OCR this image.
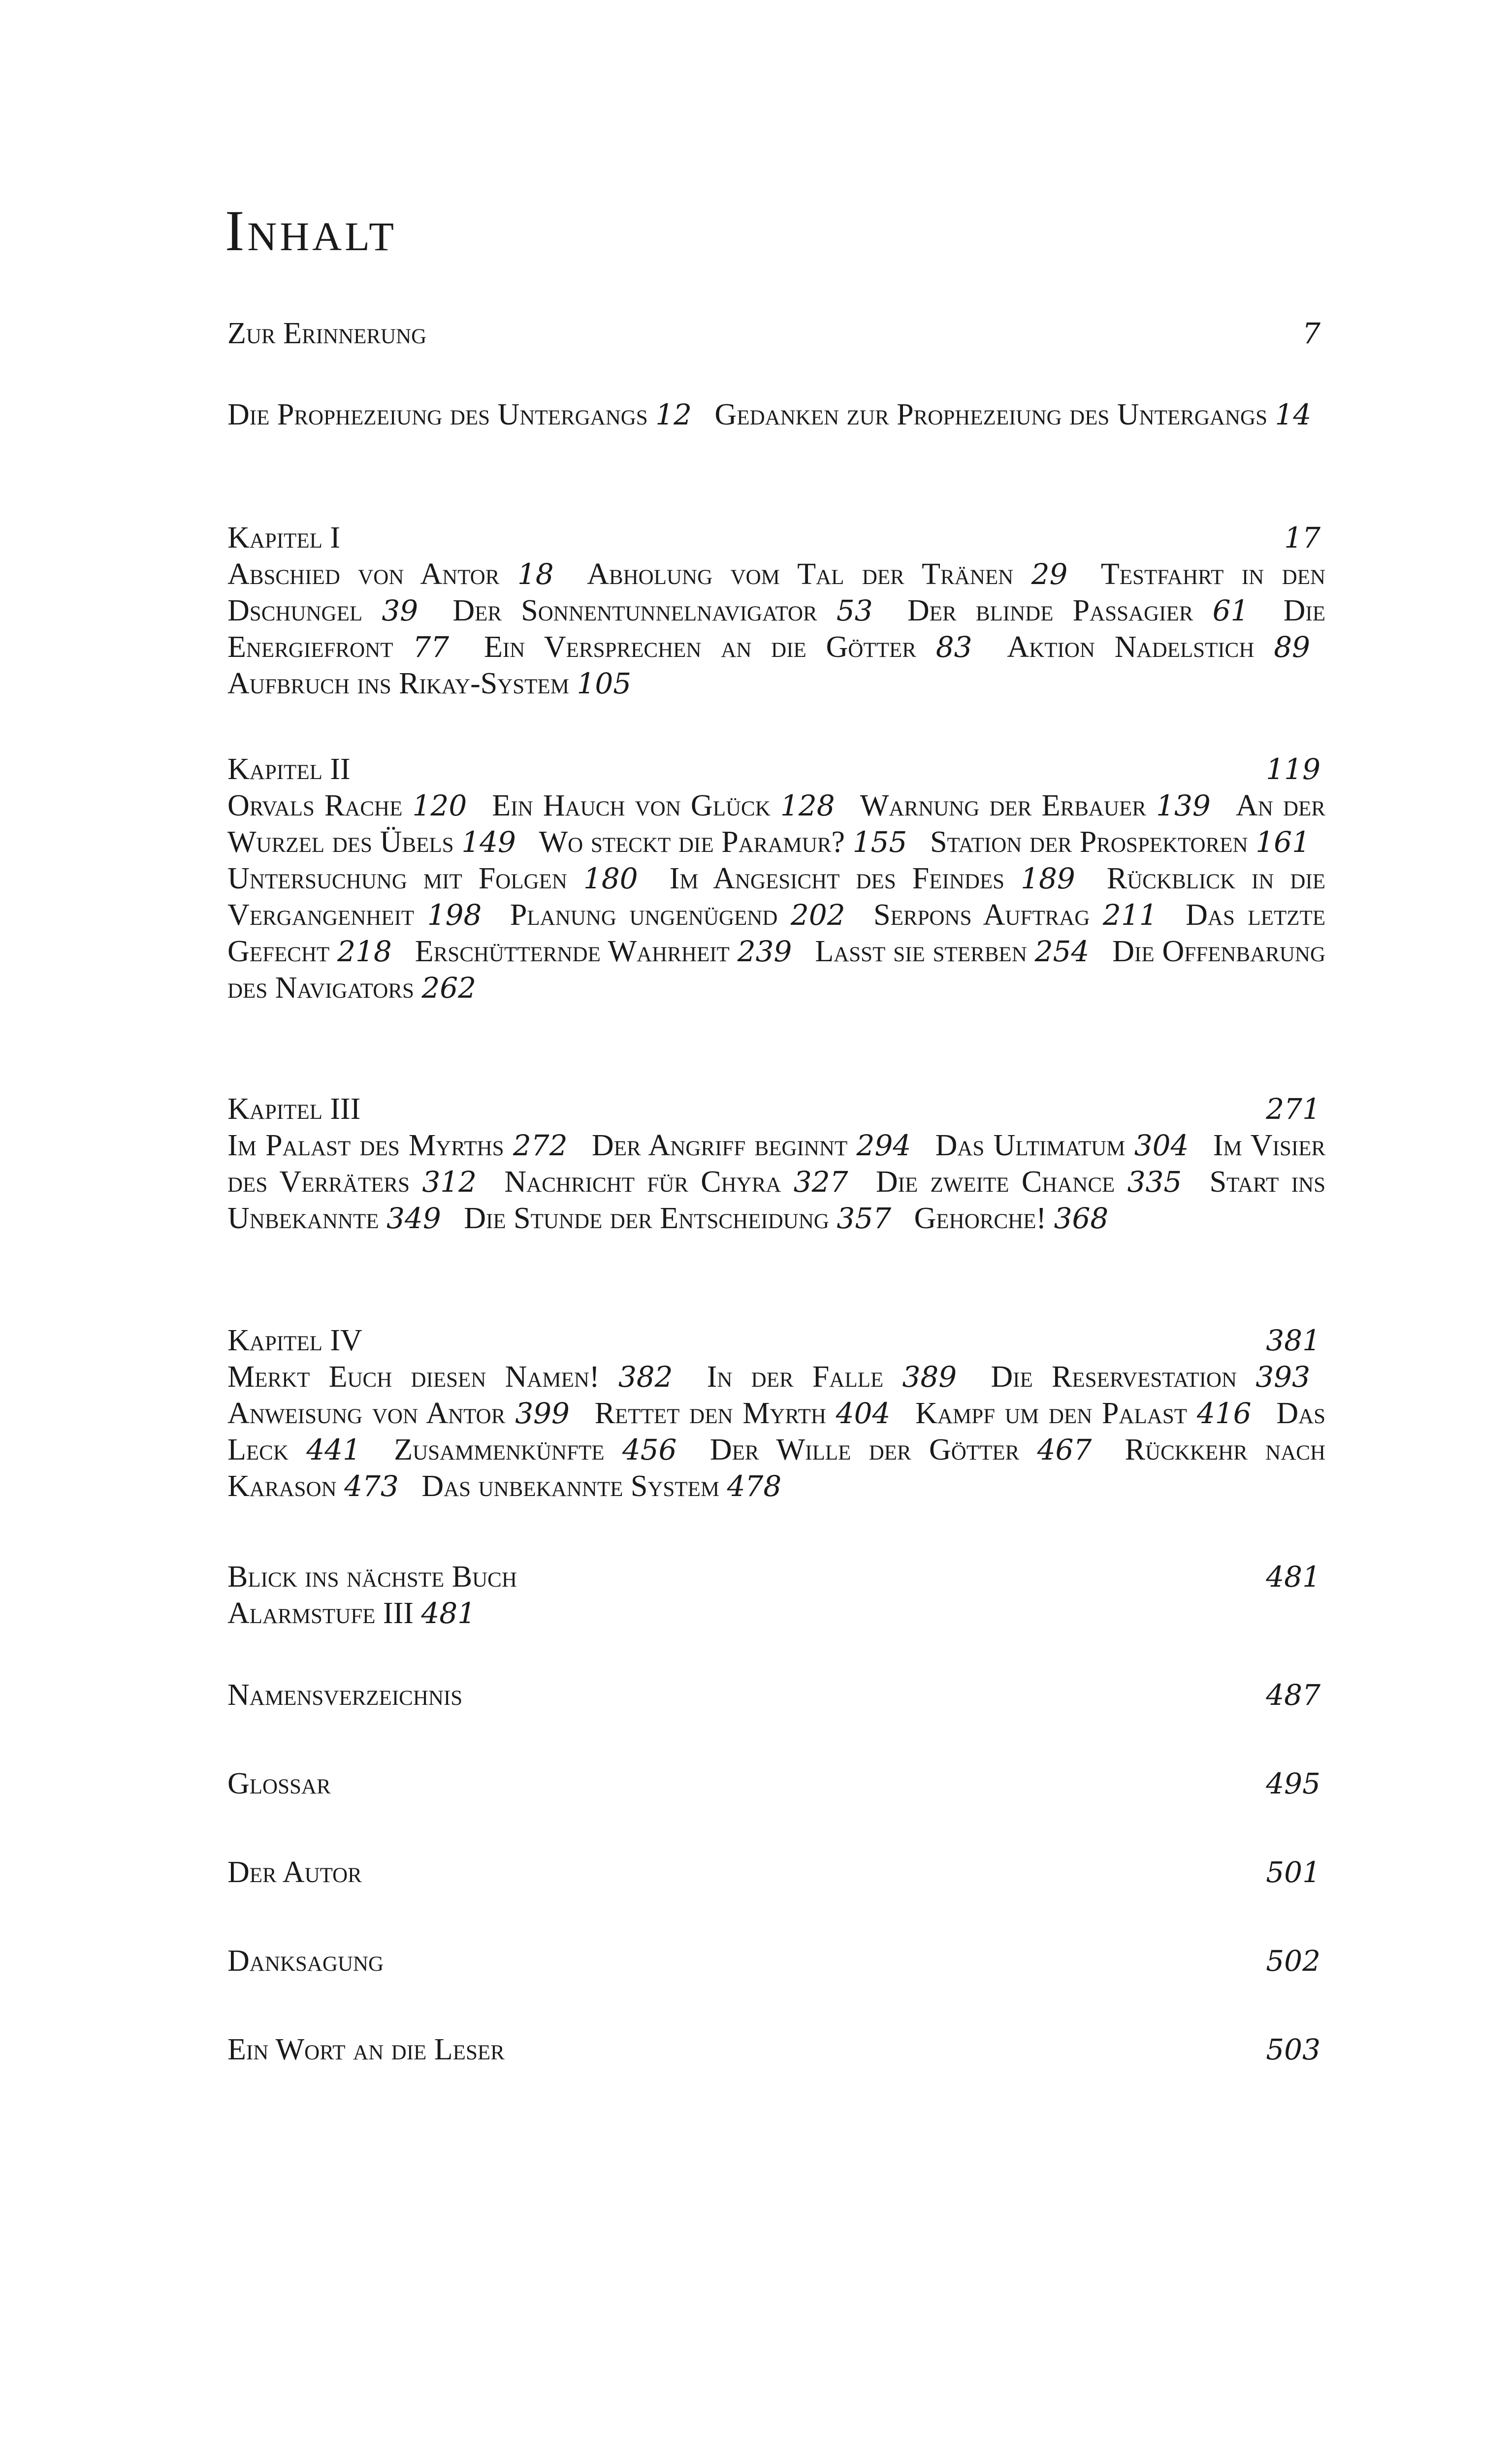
Inhalt
Zur Erinnerung	7
Die Prophezeiung des Untergangs 12  Gedanken zur Prophezeiung des Untergangs 14
Kapitel I	17
Abschied von Antor 18  Abholung vom Tal der Tränen 29  Testfahrt in den Dschungel 39  Der Sonnentunnelnavigator 53  Der blinde Passagier 61  Die Energiefront 77  Ein Versprechen an die Götter 83  Aktion Nadelstich 89  Aufbruch ins Rikay-System 105
Kapitel II	119
Orvals Rache 120  Ein Hauch von Glück 128  Warnung der Erbauer 139  An der Wurzel des Übels 149  Wo steckt die Paramur? 155  Station der Prospektoren 161  Untersuchung mit Folgen 180  Im Angesicht des Feindes 189  Rückblick in die Vergangenheit 198  Planung ungenügend 202  Serpons Auftrag 211  Das letzte Gefecht 218  Erschütternde Wahrheit 239  Lasst sie sterben 254  Die Offenbarung des Navigators 262
Kapitel III	271
Im Palast des Myrths 272  Der Angriff beginnt 294  Das Ultimatum 304  Im Visier des Verräters 312  Nachricht für Chyra 327  Die zweite Chance 335  Start ins Unbekannte 349  Die Stunde der Entscheidung 357  Gehorche! 368
Kapitel IV	381
Merkt Euch diesen Namen! 382  In der Falle 389  Die Reservestation 393  Anweisung von Antor 399  Rettet den Myrth 404  Kampf um den Palast 416  Das Leck 441  Zusammenkünfte 456  Der Wille der Götter 467  Rückkehr nach Karason 473  Das unbekannte System 478
Blick ins nächste Buch	481
Alarmstufe III 481
Namensverzeichnis	487
Glossar	495
Der Autor	501
Danksagung	502
Ein Wort an die Leser	503
